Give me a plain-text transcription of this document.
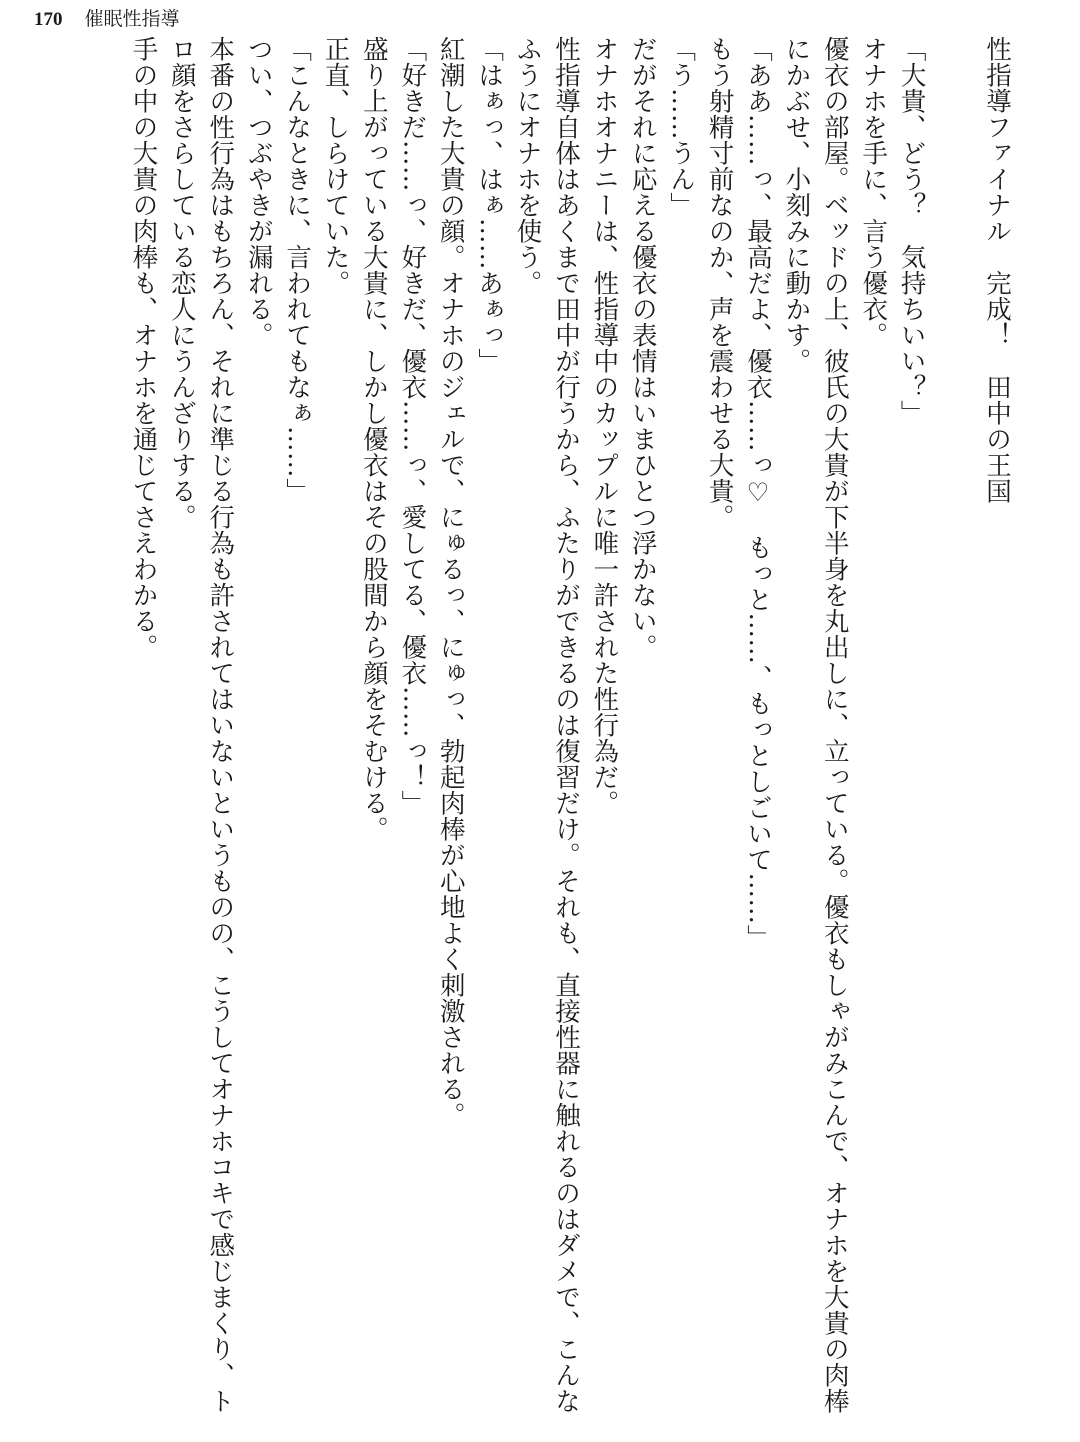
170 催眠性指導

性指導ファイナル　完成！　田中の王国

「大貴、どう？　気持ちいい？」

オナホを手に、言う優衣。

優衣の部屋。ベッドの上、彼氏の大貴が下半身を丸出しに、立っている。優衣もしゃがみこんで、オナホを大貴の肉棒にかぶせ、小刻みに動かす。

「ああ……っ、最高だよ、優衣……っ♡　もっと……、もっとしごいて……」

もう射精寸前なのか、声を震わせる大貴。

「う……うん」

だがそれに応える優衣の表情はいまひとつ浮かない。

オナホオナニーは、性指導中のカップルに唯一許された性行為だ。

性指導自体はあくまで田中が行うから、ふたりができるのは復習だけ。それも、直接性器に触れるのはダメで、こんなふうにオナホを使う。

「はぁっ、はぁ……あぁっ」

紅潮した大貴の顔。オナホのジェルで、にゅるっ、にゅっ、勃起肉棒が心地よく刺激される。

「好きだ……っ、好きだ、優衣……っ、愛してる、優衣……っ！」

盛り上がっている大貴に、しかし優衣はその股間から顔をそむける。

正直、しらけていた。

「こんなときに、言われてもなぁ……」

つい、つぶやきが漏れる。

本番の性行為はもちろん、それに準じる行為も許されてはいないというものの、こうしてオナホコキで感じまくり、トロ顔をさらしている恋人にうんざりする。

手の中の大貴の肉棒も、オナホを通じてさえわかる。
